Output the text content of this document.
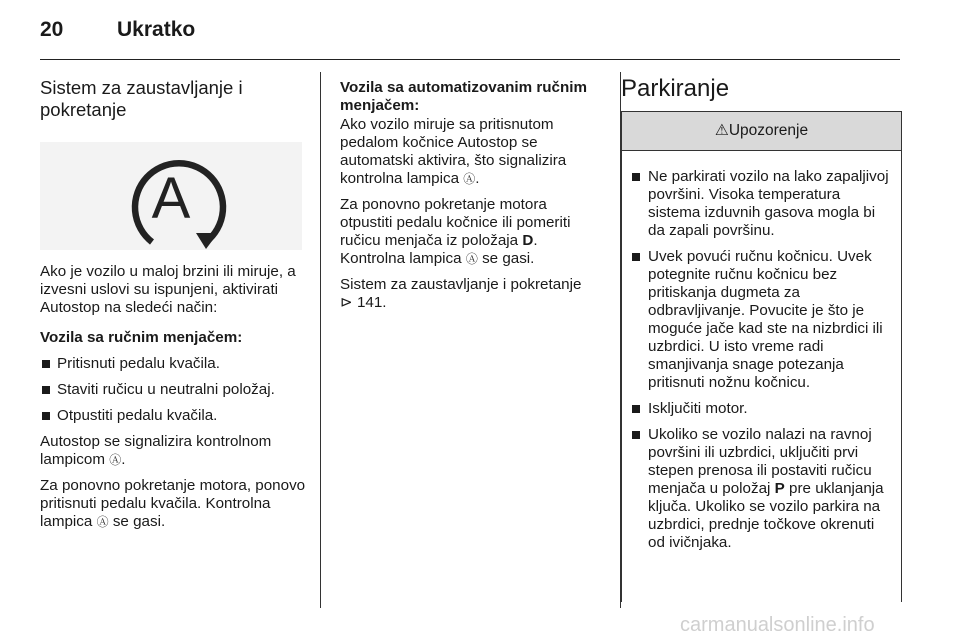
20	Ukratko
Sistem za zaustavljanje i pokretanje
A

Ako je vozilo u maloj brzini ili miruje, a izvesni uslovi su ispunjeni, aktivirati Autostop na sledeći način:

Vozila sa ručnim menjačem:

Pritisnuti pedalu kvačila.
Staviti ručicu u neutralni položaj.
Otpustiti pedalu kvačila.

Autostop se signalizira kontrolnom lampicom Ⓐ.

Za ponovno pokretanje motora, ponovo pritisnuti pedalu kvačila. Kontrolna lampica Ⓐ se gasi.

Vozila sa automatizovanim ručnim menjačem:

Ako vozilo miruje sa pritisnutom pedalom kočnice Autostop se automatski aktivira, što signalizira kontrolna lampica Ⓐ.

Za ponovno pokretanje motora otpustiti pedalu kočnice ili pomeriti ručicu menjača iz položaja D. Kontrolna lampica Ⓐ se gasi.

Sistem za zaustavljanje i pokretanje
⊳ 141.

Parkiranje
⚠Upozorenje
Ne parkirati vozilo na lako zapaljivoj površini. Visoka temperatura sistema izduvnih gasova mogla bi da zapali površinu.
Uvek povući ručnu kočnicu. Uvek potegnite ručnu kočnicu bez pritiskanja dugmeta za odbravljivanje. Povucite je što je moguće jače kad ste na nizbrdici ili uzbrdici. U isto vreme radi smanjivanja snage potezanja pritisnuti nožnu kočnicu.
Isključiti motor.
Ukoliko se vozilo nalazi na ravnoj površini ili uzbrdici, uključiti prvi stepen prenosa ili postaviti ručicu menjača u položaj P pre uklanjanja ključa. Ukoliko se vozilo parkira na uzbrdici, prednje točkove okrenuti od ivičnjaka.
carmanualsonline.info
